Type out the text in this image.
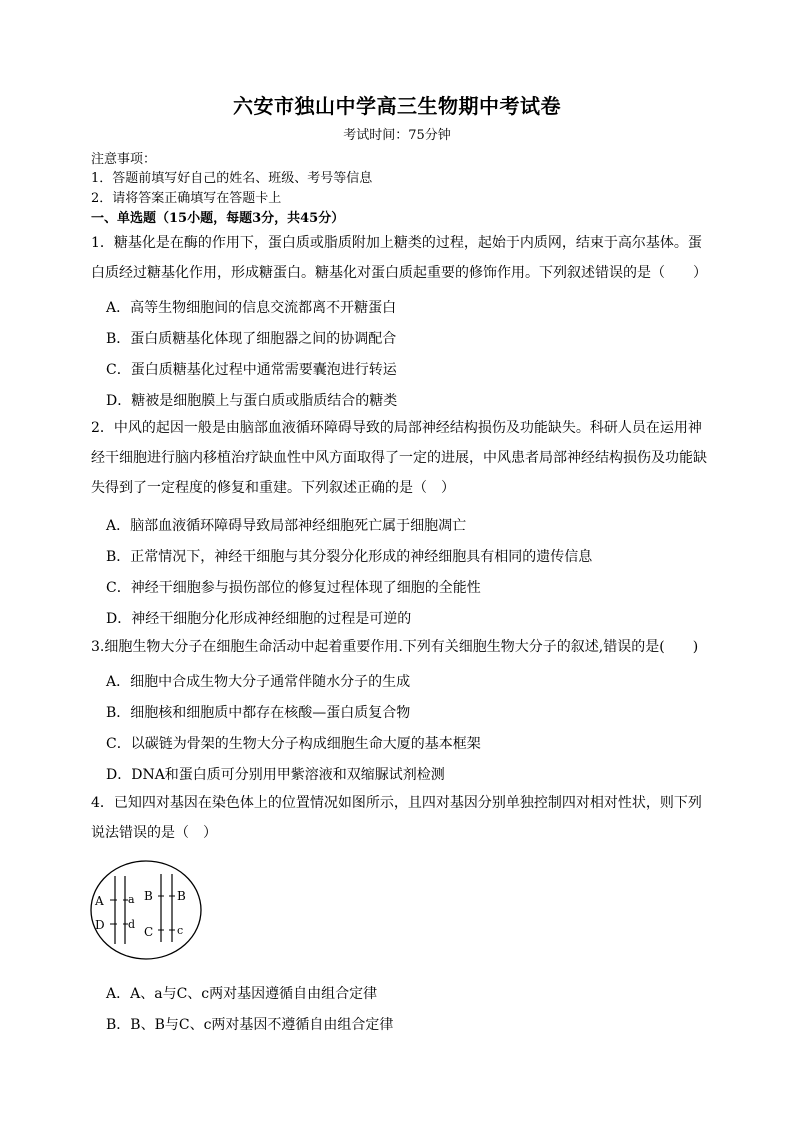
六安市独山中学高三生物期中考试卷
考试时间：75分钟
注意事项：
1．答题前填写好自己的姓名、班级、考号等信息
2．请将答案正确填写在答题卡上
一、单选题（15小题，每题3分，共45分）
1．糖基化是在酶的作用下，蛋白质或脂质附加上糖类的过程，起始于内质网，结束于高尔基体。蛋
白质经过糖基化作用，形成糖蛋白。糖基化对蛋白质起重要的修饰作用。下列叙述错误的是（　　）
A．高等生物细胞间的信息交流都离不开糖蛋白
B．蛋白质糖基化体现了细胞器之间的协调配合
C．蛋白质糖基化过程中通常需要囊泡进行转运
D．糖被是细胞膜上与蛋白质或脂质结合的糖类
2．中风的起因一般是由脑部血液循环障碍导致的局部神经结构损伤及功能缺失。科研人员在运用神
经干细胞进行脑内移植治疗缺血性中风方面取得了一定的进展，中风患者局部神经结构损伤及功能缺
失得到了一定程度的修复和重建。下列叙述正确的是（　）
A．脑部血液循环障碍导致局部神经细胞死亡属于细胞凋亡
B．正常情况下，神经干细胞与其分裂分化形成的神经细胞具有相同的遗传信息
C．神经干细胞参与损伤部位的修复过程体现了细胞的全能性
D．神经干细胞分化形成神经细胞的过程是可逆的
3.细胞生物大分子在细胞生命活动中起着重要作用.下列有关细胞生物大分子的叙述,错误的是(　　)
A．细胞中合成生物大分子通常伴随水分子的生成
B．细胞核和细胞质中都存在核酸—蛋白质复合物
C．以碳链为骨架的生物大分子构成细胞生命大厦的基本框架
D．DNA和蛋白质可分别用甲紫溶液和双缩脲试剂检测
4．已知四对基因在染色体上的位置情况如图所示，且四对基因分别单独控制四对相对性状，则下列
说法错误的是（　）
A a
D d
B
C
B
c
A．A、a与C、c两对基因遵循自由组合定律
B．B、B与C、c两对基因不遵循自由组合定律
